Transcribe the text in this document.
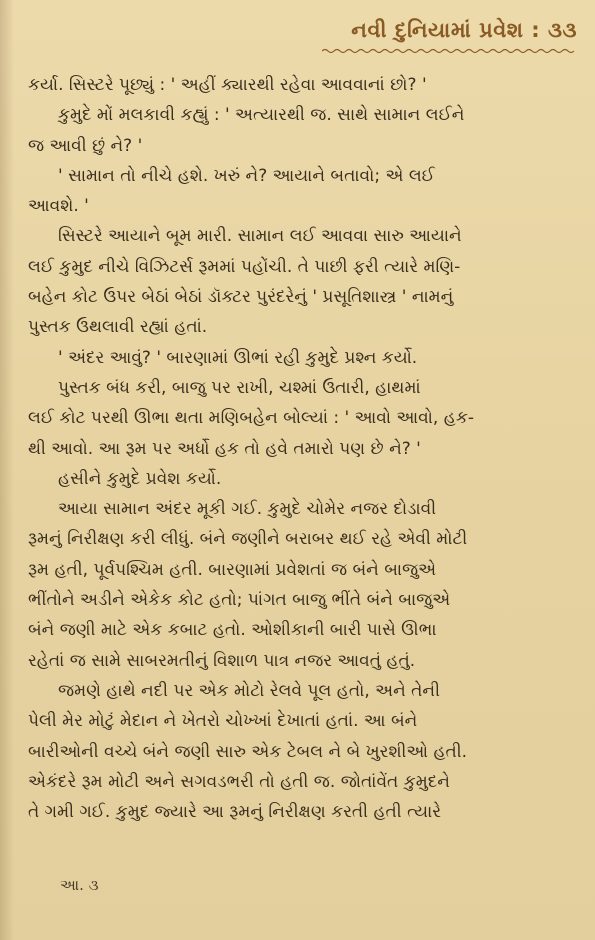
નવી દુનિયામાં પ્રવેશ : ૩૩
કર્યા. સિસ્ટરે પૂછ્યું : ' અહીં ક્યારથી રહેવા આવવાનાં છો? '
કુમુદે મોં મલકાવી કહ્યું : ' અત્યારથી જ. સાથે સામાન લઈને
જ આવી છું ને? '
' સામાન તો નીચે હશે. ખરું ને? આયાને બતાવો; એ લઈ
આવશે. '
સિસ્ટરે આયાને બૂમ મારી. સામાન લઈ આવવા સારુ આયાને
લઈ કુમુદ નીચે વિઝિટર્સ રૂમમાં પહોંચી. તે પાછી ફરી ત્યારે મણિ-
બહેન કોટ ઉપર બેઠાં બેઠાં ડૉક્ટર પુરંદરેનું ' પ્રસૂતિશાસ્ત્ર ' નામનું
પુસ્તક ઉથલાવી રહ્યાં હતાં.
' અંદર આવું? ' બારણામાં ઊભાં રહી કુમુદે પ્રશ્ન કર્યો.
પુસ્તક બંધ કરી, બાજુ પર રાખી, ચશ્માં ઉતારી, હાથમાં
લઈ કોટ પરથી ઊભા થતા મણિબહેન બોલ્યાં : ' આવો આવો, હક-
થી આવો. આ રૂમ પર અર્ધો હક તો હવે તમારો પણ છે ને? '
હસીને કુમુદે પ્રવેશ કર્યો.
આયા સામાન અંદર મૂકી ગઈ. કુમુદે ચોમેર નજર દોડાવી
રૂમનું નિરીક્ષણ કરી લીધું. બંને જણીને બરાબર થઈ રહે એવી મોટી
રૂમ હતી, પૂર્વપશ્ચિમ હતી. બારણામાં પ્રવેશતાં જ બંને બાજુએ
ભીંતોને અડીને એકેક કોટ હતો; પાંગત બાજુ ભીંતે બંને બાજુએ
બંને જણી માટે એક કબાટ હતો. ઓશીકાની બારી પાસે ઊભા
રહેતાં જ સામે સાબરમતીનું વિશાળ પાત્ર નજર આવતું હતું.
જમણે હાથે નદી પર એક મોટો રેલવે પૂલ હતો, અને તેની
પેલી મેર મોટું મેદાન ને ખેતરો ચોખ્ખાં દેખાતાં હતાં. આ બંને
બારીઓની વચ્ચે બંને જણી સારુ એક ટેબલ ને બે ખુરશીઓ હતી.
એકંદરે રૂમ મોટી અને સગવડભરી તો હતી જ. જોતાંવેંત કુમુદને
તે ગમી ગઈ. કુમુદ જ્યારે આ રૂમનું નિરીક્ષણ કરતી હતી ત્યારે
આ. ૩
